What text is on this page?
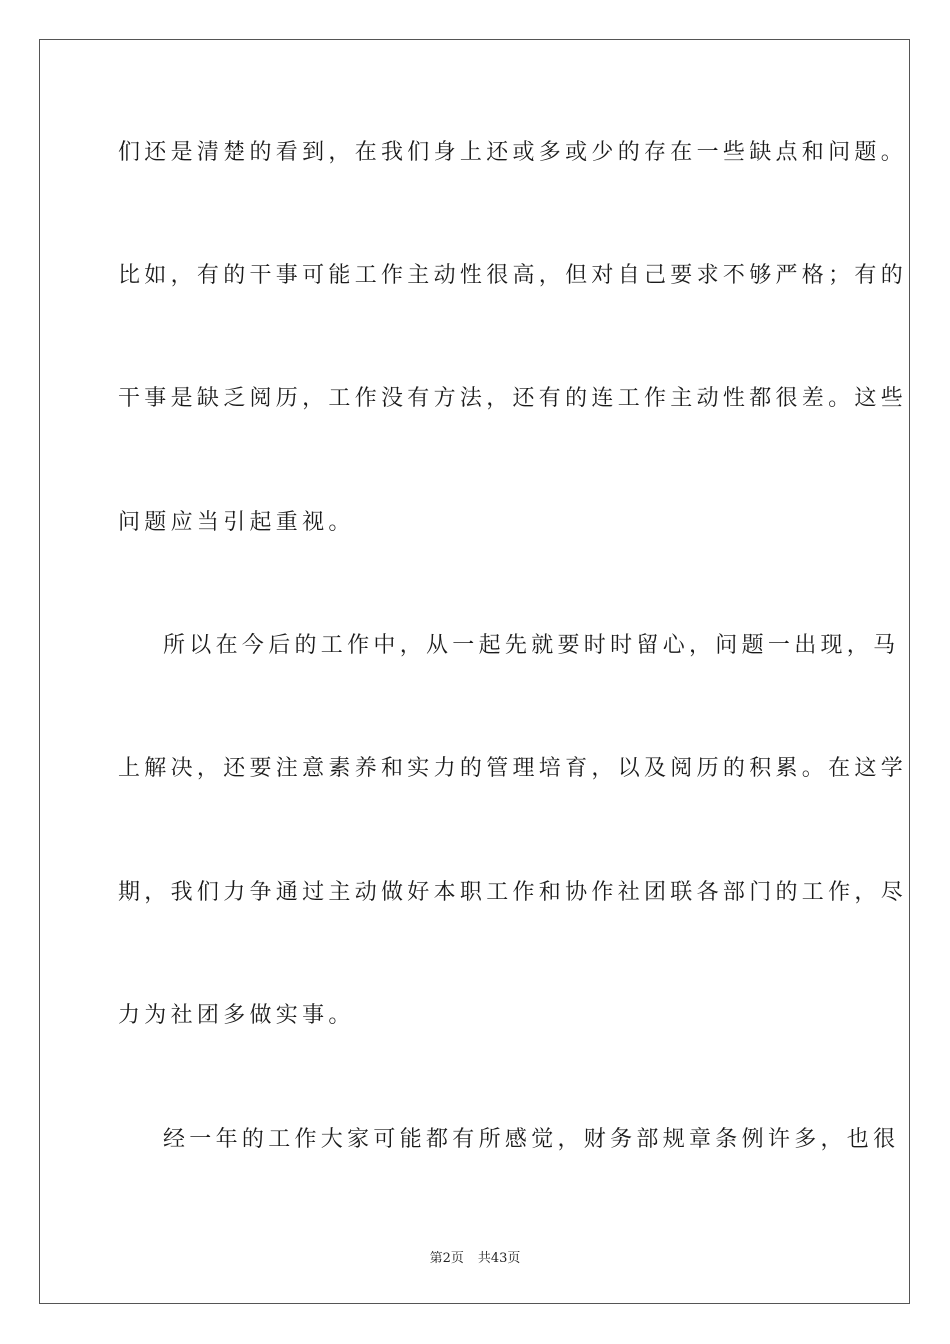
们还是清楚的看到，在我们身上还或多或少的存在一些缺点和问题。
比如，有的干事可能工作主动性很高，但对自己要求不够严格；有的
干事是缺乏阅历，工作没有方法，还有的连工作主动性都很差。这些
问题应当引起重视。
所以在今后的工作中，从一起先就要时时留心，问题一出现，马
上解决，还要注意素养和实力的管理培育，以及阅历的积累。在这学
期，我们力争通过主动做好本职工作和协作社团联各部门的工作，尽
力为社团多做实事。
经一年的工作大家可能都有所感觉，财务部规章条例许多，也很
第2页 共43页
